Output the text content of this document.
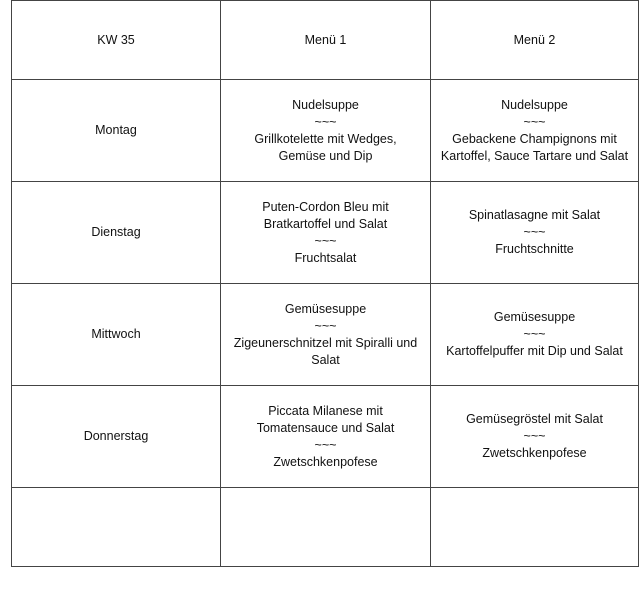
KW 35	Menü 1	Menü 2

Montag	Nudelsuppe
~~~
Grillkotelette mit Wedges,
Gemüse und Dip	Nudelsuppe
~~~
Gebackene Champignons mit
Kartoffel, Sauce Tartare und Salat

Dienstag	Puten-Cordon Bleu mit
Bratkartoffel und Salat
~~~
Fruchtsalat	Spinatlasagne mit Salat
~~~
Fruchtschnitte

Mittwoch	Gemüsesuppe
~~~
Zigeunerschnitzel mit Spiralli und
Salat	Gemüsesuppe
~~~
Kartoffelpuffer mit Dip und Salat

Donnerstag	Piccata Milanese mit
Tomatensauce und Salat
~~~
Zwetschkenpofese	Gemüsegröstel mit Salat
~~~
Zwetschkenpofese
